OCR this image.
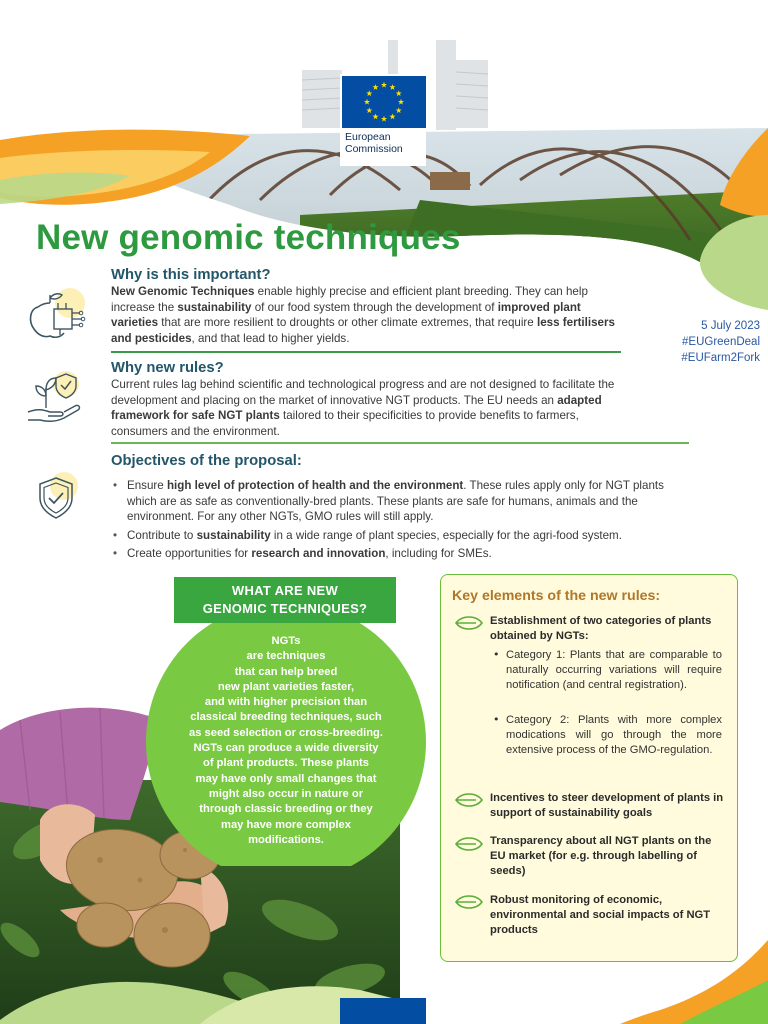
European
Commission
New genomic techniques
5 July 2023
#EUGreenDeal
#EUFarm2Fork
Why is this important?

New Genomic Techniques enable highly precise and efficient plant breeding. They can help increase the sustainability of our food system through the development of improved plant varieties that are more resilient to droughts or other climate extremes, that require less fertilisers and pesticides, and that lead to higher yields.

Why new rules?

Current rules lag behind scientific and technological progress and are not designed to facilitate the development and placing on the market of innovative NGT products. The EU needs an adapted framework for safe NGT plants tailored to their specificities to provide benefits to farmers, consumers and the environment.

Objectives of the proposal:
• Ensure high level of protection of health and the environment. These rules apply only for NGT plants which are as safe as conventionally-bred plants. These plants are safe for humans, animals and the environment. For any other NGTs, GMO rules will still apply.
• Contribute to sustainability in a wide range of plant species, especially for the agri-food system.
• Create opportunities for research and innovation, including for SMEs.
WHAT ARE NEW
GENOMIC TECHNIQUES?
NGTs
are techniques
that can help breed
new plant varieties faster,
and with higher precision than
classical breeding techniques, such
as seed selection or cross-breeding.
NGTs can produce a wide diversity
of plant products. These plants
may have only small changes that
might also occur in nature or
through classic breeding or they
may have more complex
modifications.
Key elements of the new rules:
Establishment of two categories of plants obtained by NGTs:
• Category 1: Plants that are comparable to naturally occurring variations will require notification (and central registration).
• Category 2: Plants with more complex modications will go through the more extensive process of the GMO-regulation.
Incentives to steer development of plants in support of sustainability goals
Transparency about all NGT plants on the EU market (for e.g. through labelling of seeds)
Robust monitoring of economic, environmental and social impacts of NGT products
